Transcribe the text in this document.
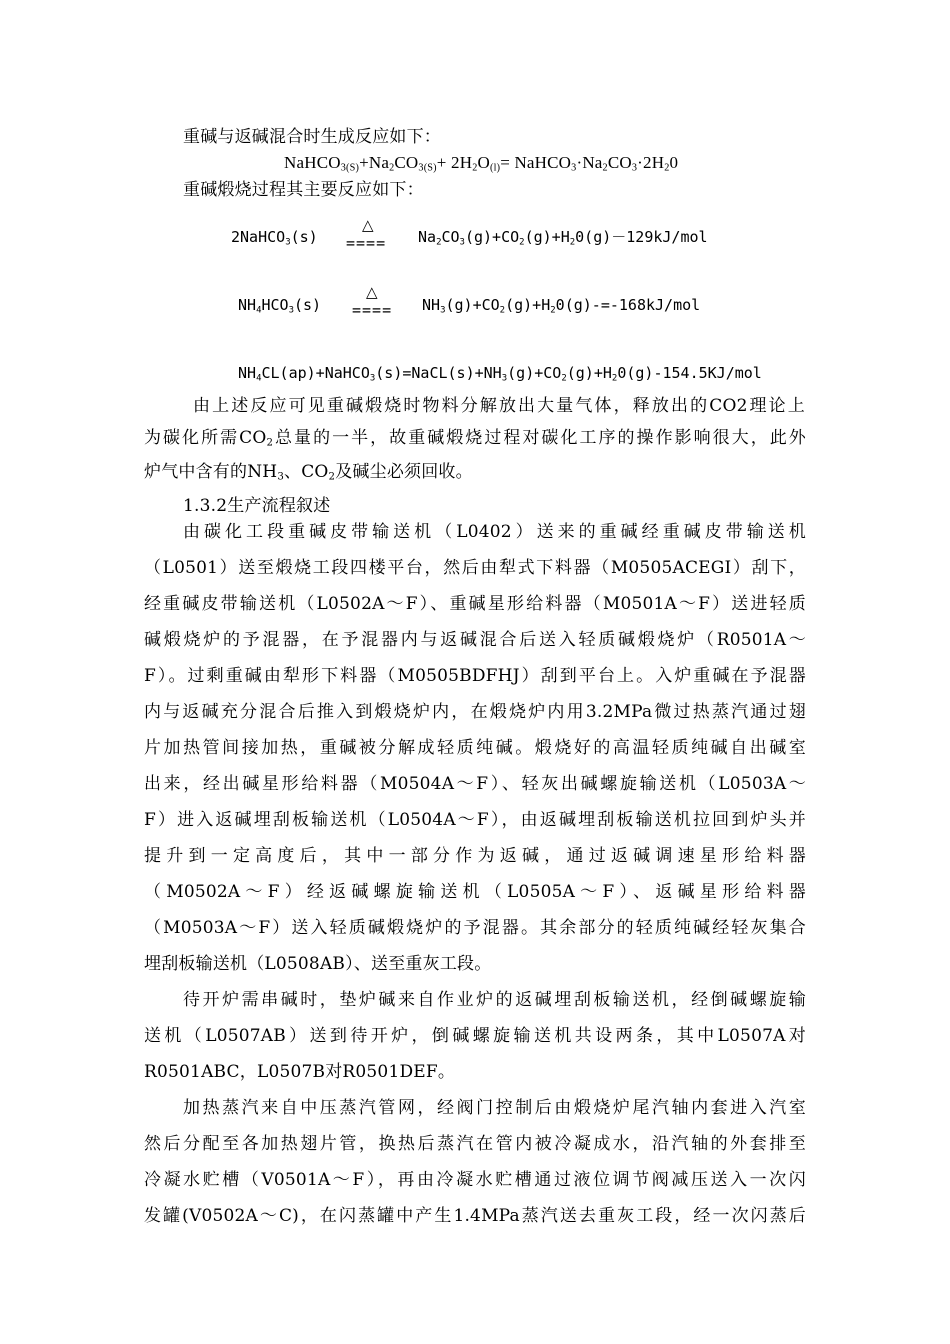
重碱与返碱混合时生成反应如下：
$NaHCO_{3(S)}+Na_2CO_{3(S)}+ 2H_2O_{(l)}=$ $NaHCO_3\cdot Na_2CO_3\cdot 2H_20$
重碱煅烧过程其主要反应如下：
2NaHCO$_3$(s)
△
==== $Na_2CO_3(g)+CO_2(g)+H_20(g)-129kJ$/mol
$NH_4HCO_3(s)$
△
==== $NH_3(g)+CO_2(g)+H_20(g)-=-168kJ$/mol
$NH_4CL(ap)+NaHCO_3(s)=NaCL(s)+NH_3(g)+CO_2(g)+H_20(g)-154.5KJ$/mol
由上述反应可见重碱煅烧时物料分解放出大量气体，释放出的CO2理论上
为碳化所需$CO_2$总量的一半，故重碱煅烧过程对碳化工序的操作影响很大，此外
炉气中含有的$NH_3$、$CO_2$及碱尘必须回收。
1.3.2生产流程叙述
由碳化工段重碱皮带输送机（L0402）送来的重碱经重碱皮带输送机
（L0501）送至煅烧工段四楼平台，然后由犁式下料器（M0505ACEGI）刮下，
经重碱皮带输送机（L0502A～F）、重碱星形给料器（M0501A～F）送进轻质
碱煅烧炉的予混器，在予混器内与返碱混合后送入轻质碱煅烧炉（R0501A～
F）。过剩重碱由犁形下料器（M0505BDFHJ）刮到平台上。入炉重碱在予混器
内与返碱充分混合后推入到煅烧炉内，在煅烧炉内用3.2MPa微过热蒸汽通过翅
片加热管间接加热，重碱被分解成轻质纯碱。煅烧好的高温轻质纯碱自出碱室
出来，经出碱星形给料器（M0504A～F）、轻灰出碱螺旋输送机（L0503A～
F）进入返碱埋刮板输送机（L0504A～F），由返碱埋刮板输送机拉回到炉头并
提升到一定高度后，其中一部分作为返碱，通过返碱调速星形给料器
（M0502A～F）经返碱螺旋输送机（L0505A～F）、返碱星形给料器
（M0503A～F）送入轻质碱煅烧炉的予混器。其余部分的轻质纯碱经轻灰集合
埋刮板输送机（L0508AB）、送至重灰工段。
待开炉需串碱时，垫炉碱来自作业炉的返碱埋刮板输送机，经倒碱螺旋输
送机（L0507AB）送到待开炉，倒碱螺旋输送机共设两条，其中L0507A对
R0501ABC，L0507B对R0501DEF。
加热蒸汽来自中压蒸汽管网，经阀门控制后由煅烧炉尾汽轴内套进入汽室
然后分配至各加热翅片管，换热后蒸汽在管内被冷凝成水，沿汽轴的外套排至
冷凝水贮槽（V0501A～F），再由冷凝水贮槽通过液位调节阀减压送入一次闪
发罐(V0502A～C)，在闪蒸罐中产生1.4MPa蒸汽送去重灰工段，经一次闪蒸后
